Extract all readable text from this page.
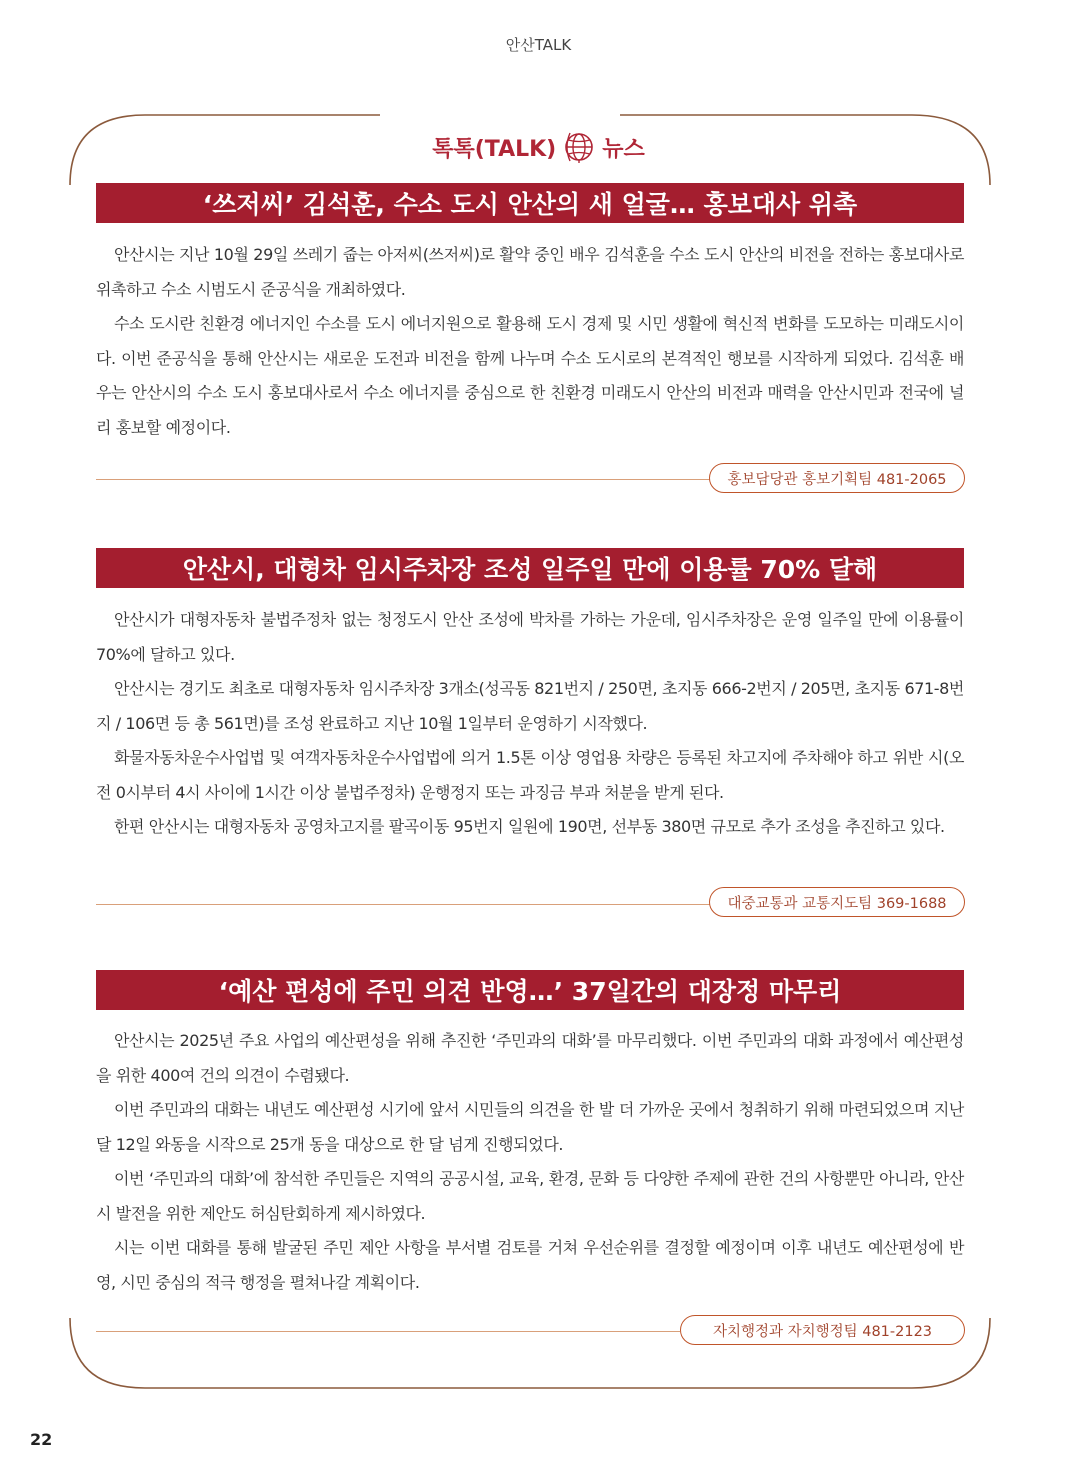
안산TALK
톡톡(TALK) 뉴스
‘쓰저씨’ 김석훈, 수소 도시 안산의 새 얼굴… 홍보대사 위촉

안산시는 지난 10월 29일 쓰레기 줍는 아저씨(쓰저씨)로 활약 중인 배우 김석훈을 수소 도시 안산의 비전을 전하는 홍보대사로 위촉하고 수소 시범도시 준공식을 개최하였다.

수소 도시란 친환경 에너지인 수소를 도시 에너지원으로 활용해 도시 경제 및 시민 생활에 혁신적 변화를 도모하는 미래도시이다. 이번 준공식을 통해 안산시는 새로운 도전과 비전을 함께 나누며 수소 도시로의 본격적인 행보를 시작하게 되었다. 김석훈 배우는 안산시의 수소 도시 홍보대사로서 수소 에너지를 중심으로 한 친환경 미래도시 안산의 비전과 매력을 안산시민과 전국에 널리 홍보할 예정이다.

홍보담당관 홍보기획팀 481-2065
안산시, 대형차 임시주차장 조성 일주일 만에 이용률 70% 달해

안산시가 대형자동차 불법주정차 없는 청정도시 안산 조성에 박차를 가하는 가운데, 임시주차장은 운영 일주일 만에 이용률이 70%에 달하고 있다.

안산시는 경기도 최초로 대형자동차 임시주차장 3개소(성곡동 821번지 / 250면, 초지동 666-2번지 / 205면, 초지동 671-8번지 / 106면 등 총 561면)를 조성 완료하고 지난 10월 1일부터 운영하기 시작했다.

화물자동차운수사업법 및 여객자동차운수사업법에 의거 1.5톤 이상 영업용 차량은 등록된 차고지에 주차해야 하고 위반 시(오전 0시부터 4시 사이에 1시간 이상 불법주정차) 운행정지 또는 과징금 부과 처분을 받게 된다.

한편 안산시는 대형자동차 공영차고지를 팔곡이동 95번지 일원에 190면, 선부동 380면 규모로 추가 조성을 추진하고 있다.

대중교통과 교통지도팀 369-1688
‘예산 편성에 주민 의견 반영…’ 37일간의 대장정 마무리

안산시는 2025년 주요 사업의 예산편성을 위해 추진한 ‘주민과의 대화’를 마무리했다. 이번 주민과의 대화 과정에서 예산편성을 위한 400여 건의 의견이 수렴됐다.

이번 주민과의 대화는 내년도 예산편성 시기에 앞서 시민들의 의견을 한 발 더 가까운 곳에서 청취하기 위해 마련되었으며 지난달 12일 와동을 시작으로 25개 동을 대상으로 한 달 넘게 진행되었다.

이번 ‘주민과의 대화’에 참석한 주민들은 지역의 공공시설, 교육, 환경, 문화 등 다양한 주제에 관한 건의 사항뿐만 아니라, 안산시 발전을 위한 제안도 허심탄회하게 제시하였다.

시는 이번 대화를 통해 발굴된 주민 제안 사항을 부서별 검토를 거쳐 우선순위를 결정할 예정이며 이후 내년도 예산편성에 반영, 시민 중심의 적극 행정을 펼쳐나갈 계획이다.

자치행정과 자치행정팀 481-2123
22
